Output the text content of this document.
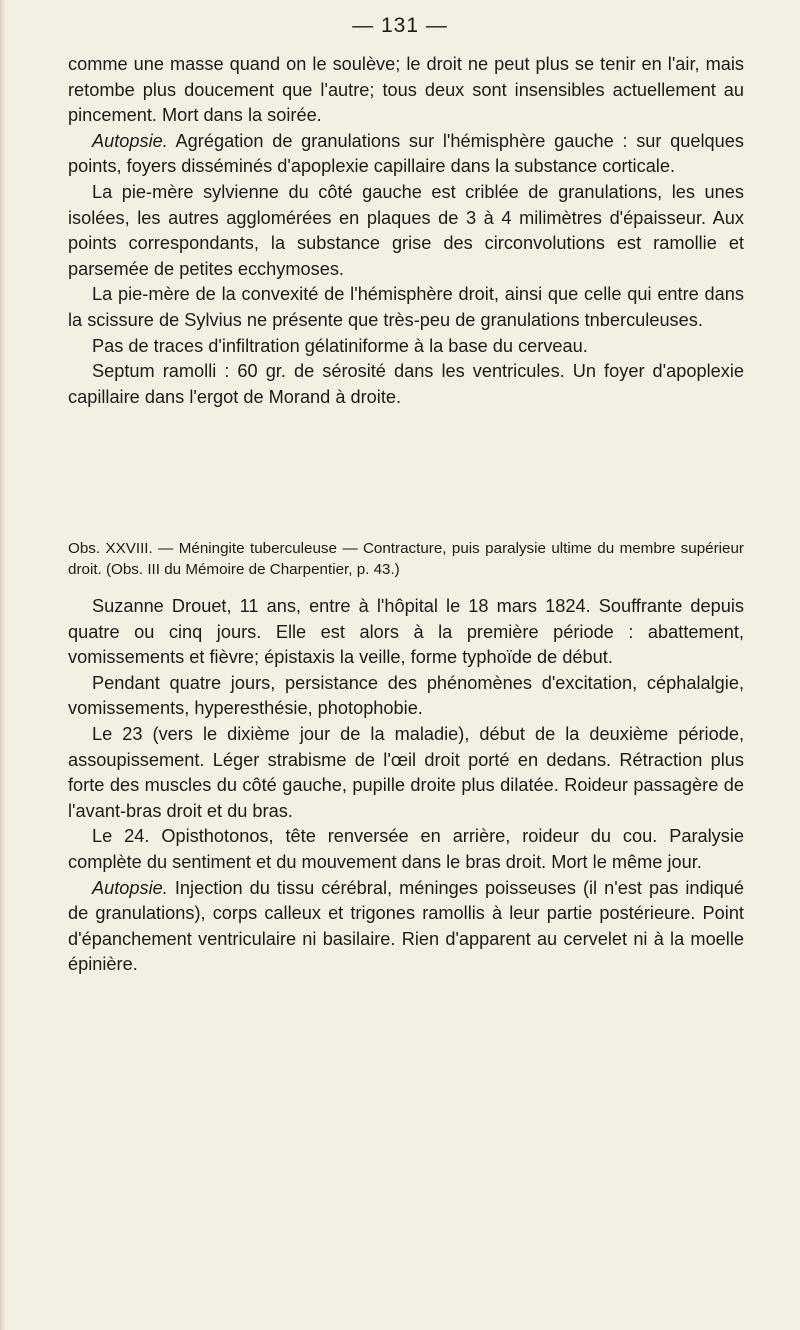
— 131 —

comme une masse quand on le soulève; le droit ne peut plus se tenir en l'air, mais retombe plus doucement que l'autre; tous deux sont insensibles actuellement au pincement. Mort dans la soirée.

Autopsie. Agrégation de granulations sur l'hémisphère gauche : sur quelques points, foyers disséminés d'apoplexie capillaire dans la substance corticale.

La pie-mère sylvienne du côté gauche est criblée de granulations, les unes isolées, les autres agglomérées en plaques de 3 à 4 milimètres d'épaisseur. Aux points correspondants, la substance grise des circonvolutions est ramollie et parsemée de petites ecchymoses.

La pie-mère de la convexité de l'hémisphère droit, ainsi que celle qui entre dans la scissure de Sylvius ne présente que très-peu de granulations tnberculeuses.

Pas de traces d'infiltration gélatiniforme à la base du cerveau.

Septum ramolli : 60 gr. de sérosité dans les ventricules. Un foyer d'apoplexie capillaire dans l'ergot de Morand à droite.

Obs. XXVIII. — Méningite tuberculeuse — Contracture, puis paralysie ultime du membre supérieur droit. (Obs. III du Mémoire de Charpentier, p. 43.)

Suzanne Drouet, 11 ans, entre à l'hôpital le 18 mars 1824. Souffrante depuis quatre ou cinq jours. Elle est alors à la première période : abattement, vomissements et fièvre; épistaxis la veille, forme typhoïde de début.

Pendant quatre jours, persistance des phénomènes d'excitation, céphalalgie, vomissements, hyperesthésie, photophobie.

Le 23 (vers le dixième jour de la maladie), début de la deuxième période, assoupissement. Léger strabisme de l'œil droit porté en dedans. Rétraction plus forte des muscles du côté gauche, pupille droite plus dilatée. Roideur passagère de l'avant-bras droit et du bras.

Le 24. Opisthotonos, tête renversée en arrière, roideur du cou. Paralysie complète du sentiment et du mouvement dans le bras droit. Mort le même jour.

Autopsie. Injection du tissu cérébral, méninges poisseuses (il n'est pas indiqué de granulations), corps calleux et trigones ramollis à leur partie postérieure. Point d'épanchement ventriculaire ni basilaire. Rien d'apparent au cervelet ni à la moelle épinière.
